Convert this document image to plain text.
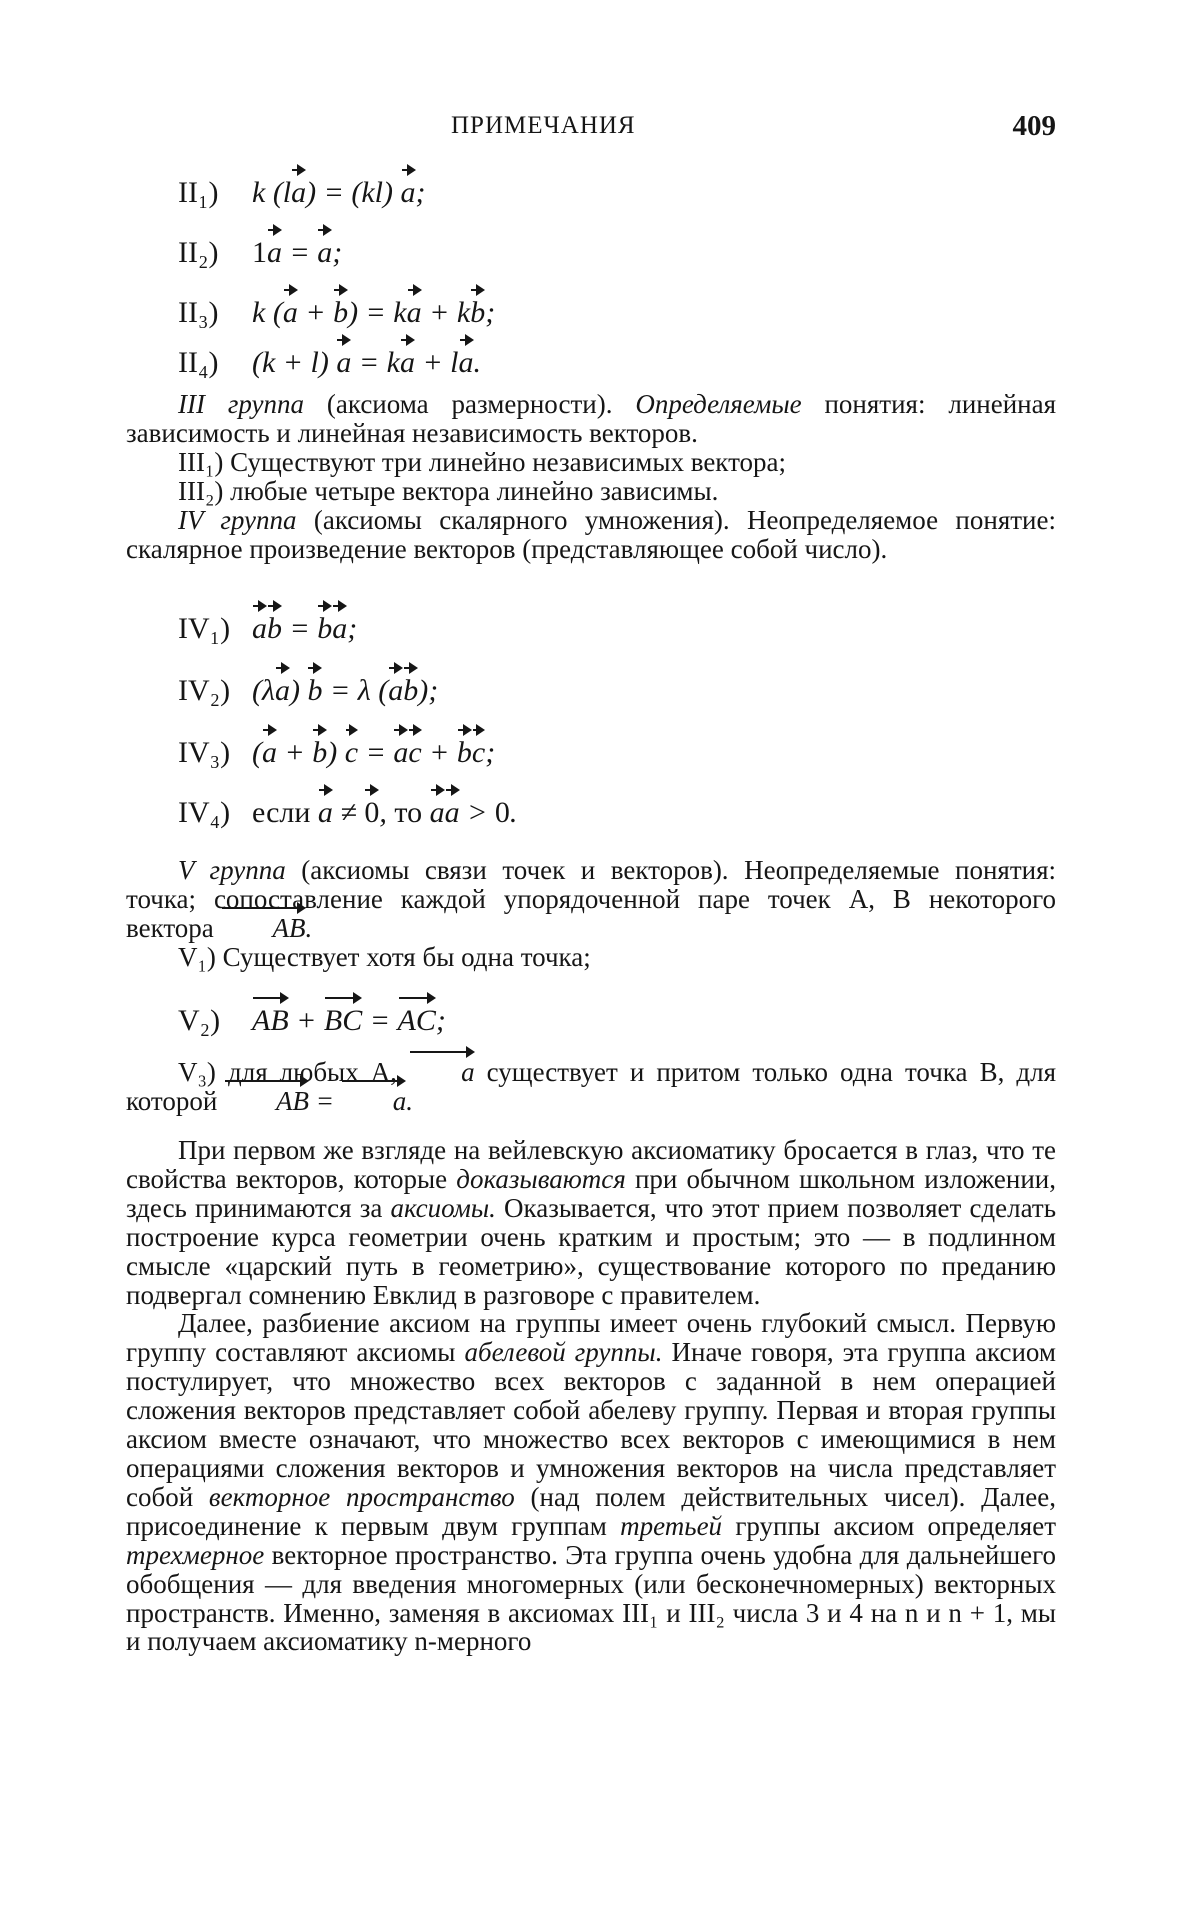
ПРИМЕЧАНИЯ	409
II₁) k (la) = (kl) a;
II₂) 1a = a;
II₃) k (a + b) = ka + kb;
II₄) (k + l) a = ka + la.

III группа (аксиома размерности). Определяемые понятия: линейная зависимость и линейная независимость векторов.

III₁) Существуют три линейно независимых вектора;

III₂) любые четыре вектора линейно зависимы.

IV группа (аксиомы скалярного умножения). Неопределяемое понятие: скалярное произведение векторов (представляющее собой число).

IV₁) ab = ba;
IV₂) (λa) b = λ (ab);
IV₃) (a + b) c = ac + bc;
IV₄) если a ≠ 0, то aa > 0.

V группа (аксиомы связи точек и векторов). Неопределяемые понятия: точка; сопоставление каждой упорядоченной паре точек A, B некоторого вектора AB.

V₁) Существует хотя бы одна точка;

V₂) AB + BC = AC;

V₃) для любых A, a существует и притом только одна точка B, для которой AB = a.

При первом же взгляде на вейлевскую аксиоматику бросается в глаз, что те свойства векторов, которые доказываются при обычном школьном изложении, здесь принимаются за аксиомы. Оказывается, что этот прием позволяет сделать построение курса геометрии очень кратким и простым; это — в подлинном смысле «царский путь в геометрию», существование которого по преданию подвергал сомнению Евклид в разговоре с правителем.

Далее, разбиение аксиом на группы имеет очень глубокий смысл. Первую группу составляют аксиомы абелевой группы. Иначе говоря, эта группа аксиом постулирует, что множество всех векторов с заданной в нем операцией сложения векторов представляет собой абелеву группу. Первая и вторая группы аксиом вместе означают, что множество всех векторов с имеющимися в нем операциями сложения векторов и умножения векторов на числа представляет собой векторное пространство (над полем действительных чисел). Далее, присоединение к первым двум группам третьей группы аксиом определяет трехмерное векторное пространство. Эта группа очень удобна для дальнейшего обобщения — для введения многомерных (или бесконечномерных) векторных пространств. Именно, заменяя в аксиомах III₁ и III₂ числа 3 и 4 на n и n + 1, мы и получаем аксиоматику n-мерного
